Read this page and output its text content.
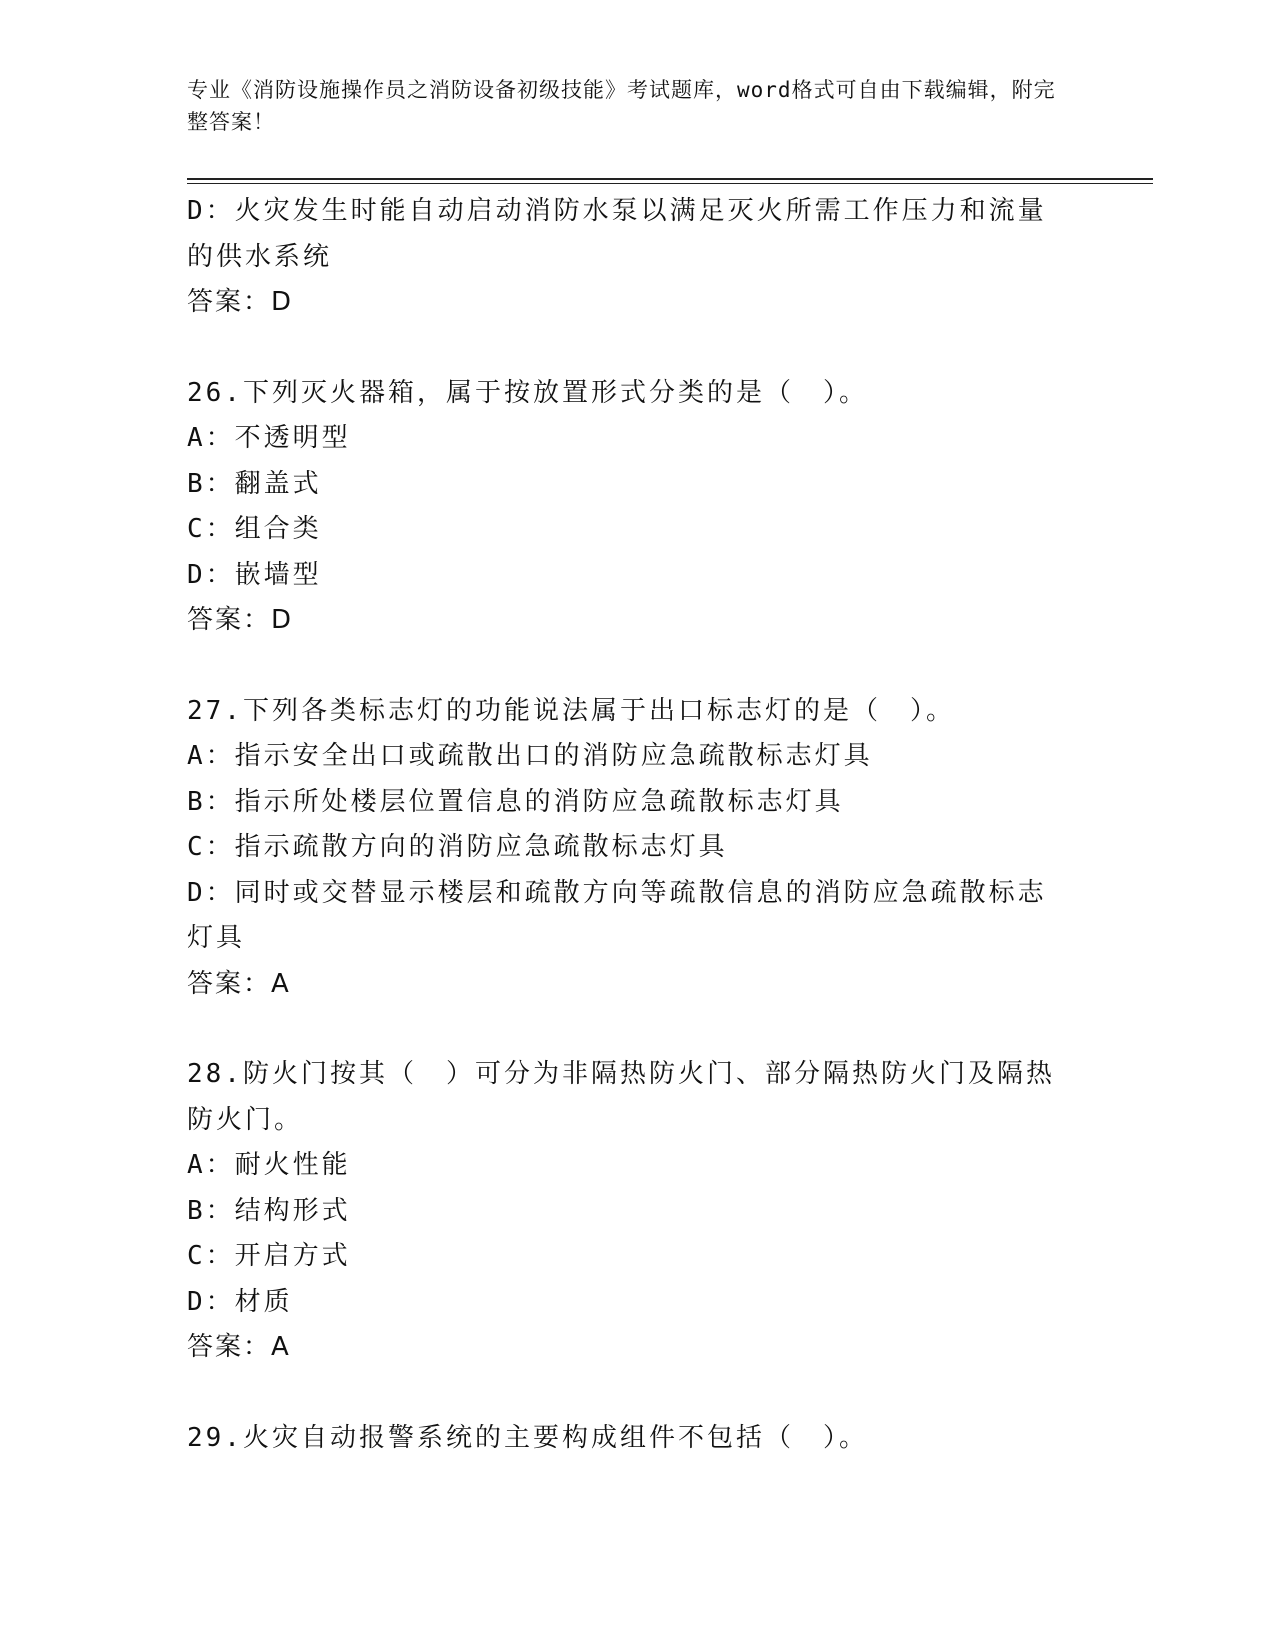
专业《消防设施操作员之消防设备初级技能》考试题库，word格式可自由下载编辑，附完整答案！
D：火灾发生时能自动启动消防水泵以满足灭火所需工作压力和流量的供水系统
答案：D
26.下列灭火器箱，属于按放置形式分类的是（　）。
A：不透明型
B：翻盖式
C：组合类
D：嵌墙型
答案：D
27.下列各类标志灯的功能说法属于出口标志灯的是（　）。
A：指示安全出口或疏散出口的消防应急疏散标志灯具
B：指示所处楼层位置信息的消防应急疏散标志灯具
C：指示疏散方向的消防应急疏散标志灯具
D：同时或交替显示楼层和疏散方向等疏散信息的消防应急疏散标志灯具
答案：A
28.防火门按其（　）可分为非隔热防火门、部分隔热防火门及隔热防火门。
A：耐火性能
B：结构形式
C：开启方式
D：材质
答案：A
29.火灾自动报警系统的主要构成组件不包括（　）。
